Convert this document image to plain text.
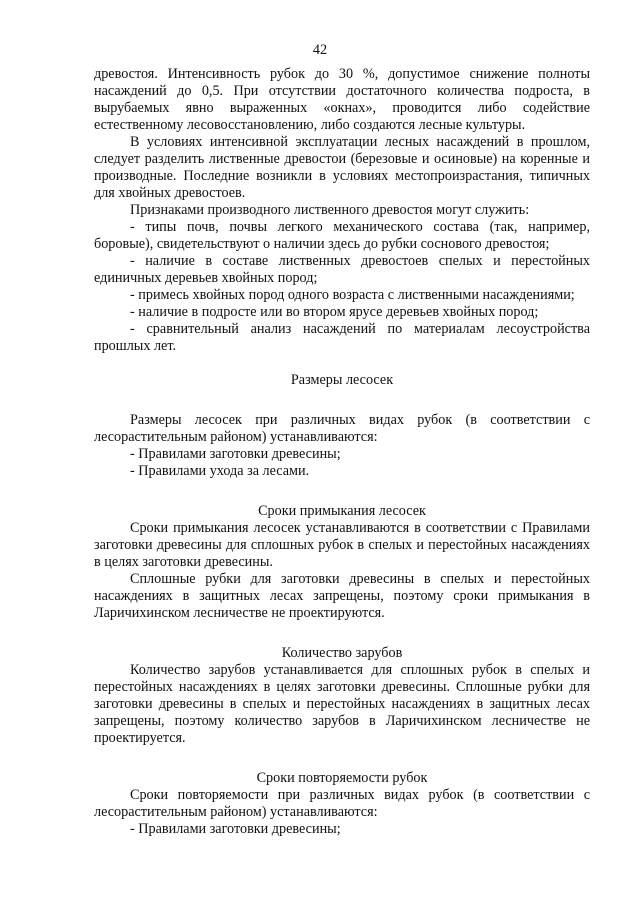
42

древостоя. Интенсивность рубок до 30 %, допустимое снижение полноты насаждений до 0,5. При отсутствии достаточного количества подроста, в вырубаемых явно выраженных «окнах», проводится либо содействие естественному лесовосстановлению, либо создаются лесные культуры.

В условиях интенсивной эксплуатации лесных насаждений в прошлом, следует разделить лиственные древостои (березовые и осиновые) на коренные и производные. Последние возникли в условиях местопроизрастания, типичных для хвойных древостоев.

Признаками производного лиственного древостоя могут служить:

- типы почв, почвы легкого механического состава (так, например, боровые), свидетельствуют о наличии здесь до рубки соснового древостоя;

- наличие в составе лиственных древостоев спелых и перестойных единичных деревьев хвойных пород;

- примесь хвойных пород одного возраста с лиственными насаждениями;

- наличие в подросте или во втором ярусе деревьев хвойных пород;

- сравнительный анализ насаждений по материалам лесоустройства прошлых лет.

Размеры лесосек

Размеры лесосек при различных видах рубок (в соответствии с лесорастительным районом) устанавливаются:

- Правилами заготовки древесины;

- Правилами ухода за лесами.

Сроки примыкания лесосек

Сроки примыкания лесосек устанавливаются в соответствии с Правилами заготовки древесины для сплошных рубок в спелых и перестойных насаждениях в целях заготовки древесины.

Сплошные рубки для заготовки древесины в спелых и перестойных насаждениях в защитных лесах запрещены, поэтому сроки примыкания в Ларичихинском лесничестве не проектируются.

Количество зарубов

Количество зарубов устанавливается для сплошных рубок в спелых и перестойных насаждениях в целях заготовки древесины. Сплошные рубки для заготовки древесины в спелых и перестойных насаждениях в защитных лесах запрещены, поэтому количество зарубов в Ларичихинском лесничестве не проектируется.

Сроки повторяемости рубок

Сроки повторяемости при различных видах рубок (в соответствии с лесорастительным районом) устанавливаются:

- Правилами заготовки древесины;
